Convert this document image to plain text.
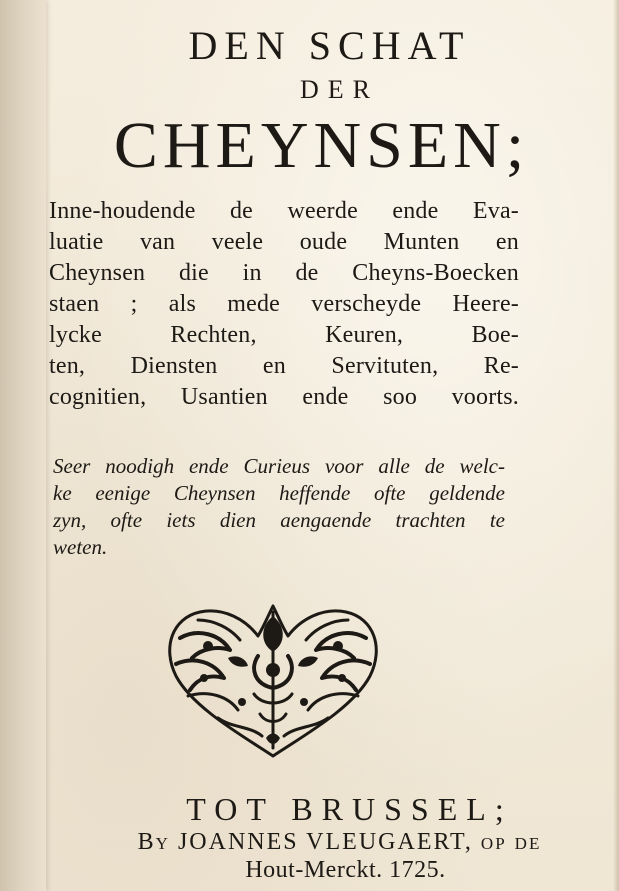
DEN SCHAT
DER
CHEYNSEN;
Inne-houdende de weerde ende Eva-
luatie van veele oude Munten en
Cheynsen die in de Cheyns-Boecken
staen ; als mede verscheyde Heere-
lycke Rechten, Keuren, Boe-
ten, Diensten en Servituten, Re-
cognitien, Usantien ende soo voorts.
Seer noodigh ende Curieus voor alle de welc-
ke eenige Cheynsen heffende ofte geldende
zyn, ofte iets dien aengaende trachten te
weten.

TOT BRUSSEL;

By JOANNES VLEUGAERT, op de

Hout-Merckt. 1725.
